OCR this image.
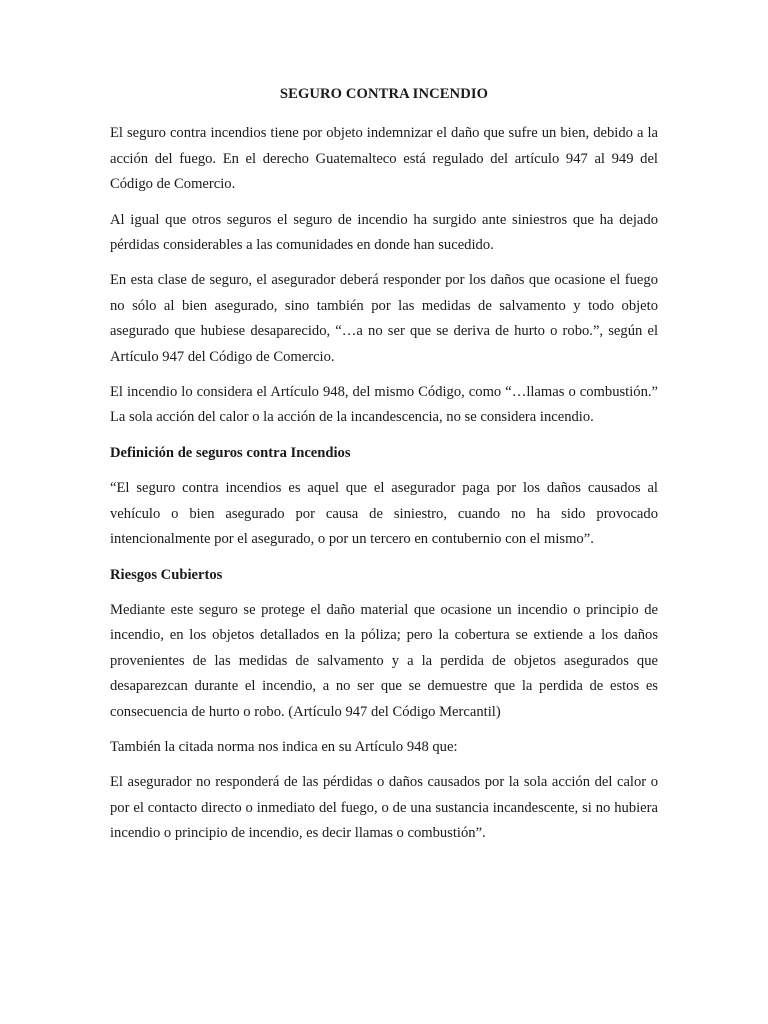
SEGURO CONTRA INCENDIO
El seguro contra incendios tiene por objeto indemnizar el daño que sufre un bien, debido a la acción del fuego. En el derecho Guatemalteco está regulado del artículo 947 al 949 del Código de Comercio.
Al igual que otros seguros el seguro de incendio ha surgido ante siniestros que ha dejado pérdidas considerables a las comunidades en donde han sucedido.
En esta clase de seguro, el asegurador deberá responder por los daños que ocasione el fuego no sólo al bien asegurado, sino también por las medidas de salvamento y todo objeto asegurado que hubiese desaparecido, “…a no ser que se deriva de hurto o robo.”, según el Artículo 947 del Código de Comercio.
El incendio lo considera el Artículo 948, del mismo Código, como “…llamas o combustión.” La sola acción del calor o la acción de la incandescencia, no se considera incendio.
Definición de seguros contra Incendios
“El seguro contra incendios es aquel que el asegurador paga por los daños causados al vehículo o bien asegurado por causa de siniestro, cuando no ha sido provocado intencionalmente por el asegurado, o por un tercero en contubernio con el mismo”.
Riesgos Cubiertos
Mediante este seguro se protege el daño material que ocasione un incendio o principio de incendio, en los objetos detallados en la póliza; pero la cobertura se extiende a los daños provenientes de las medidas de salvamento y a la perdida de objetos asegurados que desaparezcan durante el incendio, a no ser que se demuestre que la perdida de estos es consecuencia de hurto o robo. (Artículo 947 del Código Mercantil)
También la citada norma nos indica en su Artículo 948 que:
El asegurador no responderá de las pérdidas o daños causados por la sola acción del calor o por el contacto directo o inmediato del fuego, o de una sustancia incandescente, si no hubiera incendio o principio de incendio, es decir llamas o combustión”.
